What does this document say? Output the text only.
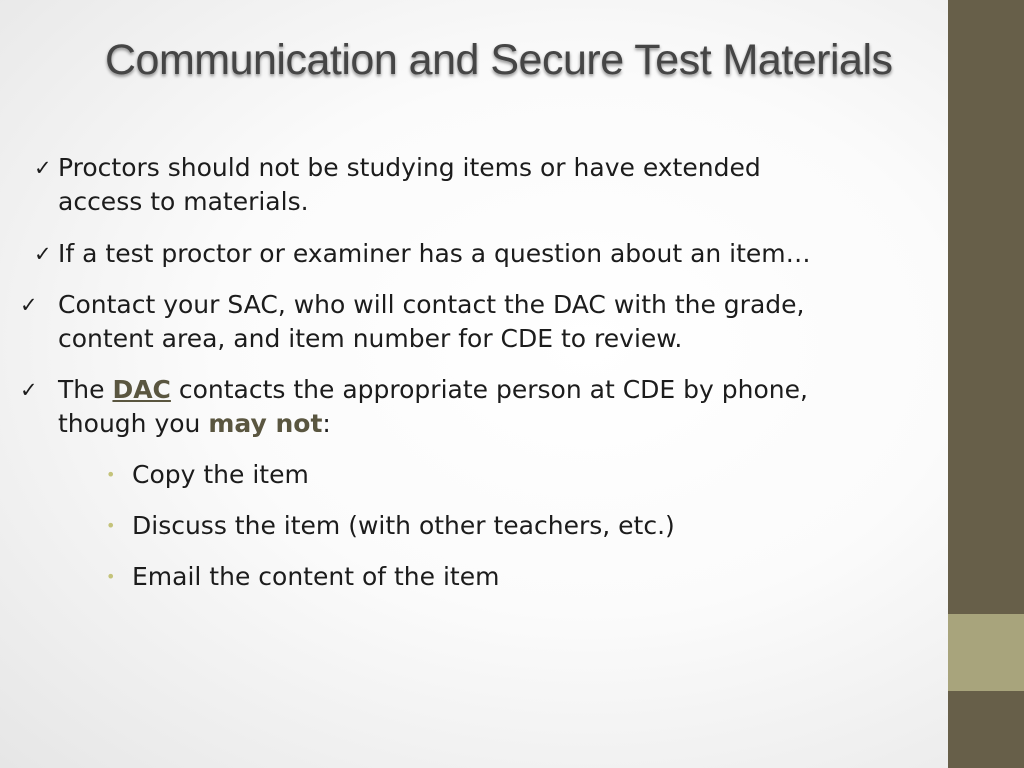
Communication and Secure Test Materials
✓ Proctors should not be studying items or have extended
access to materials.
✓ If a test proctor or examiner has a question about an item…
✓ Contact your SAC, who will contact the DAC with the grade,
content area, and item number for CDE to review.
✓ The DAC contacts the appropriate person at CDE by phone,
though you may not:
• Copy the item
• Discuss the item (with other teachers, etc.)
• Email the content of the item
